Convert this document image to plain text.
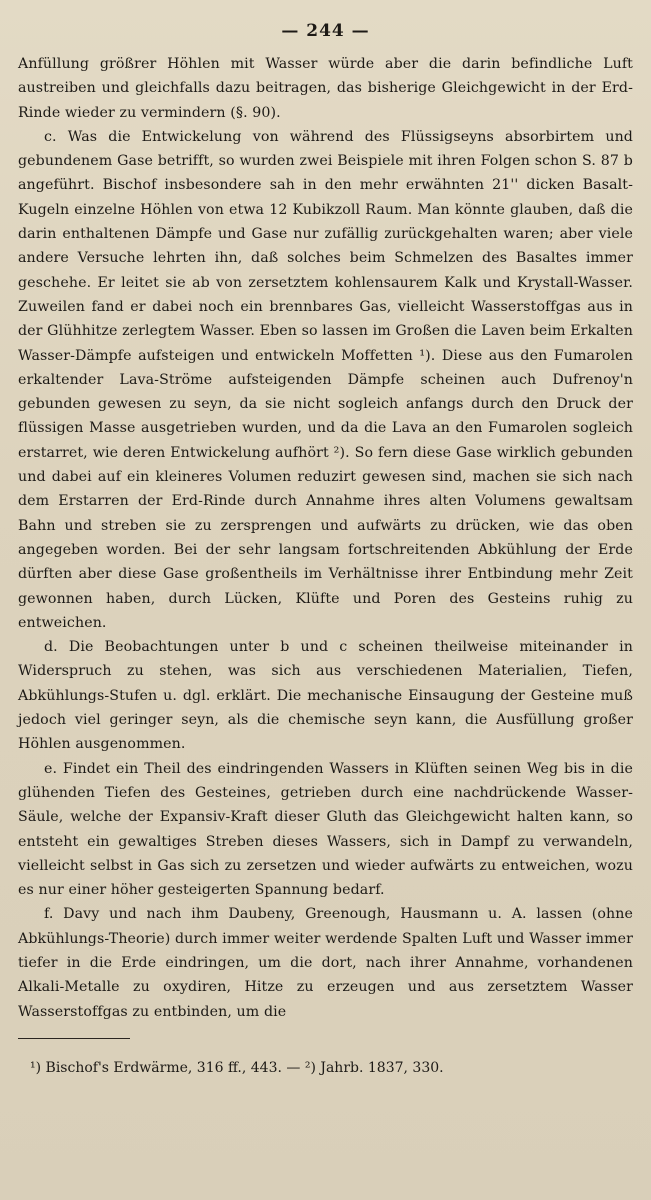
— 244 —

Anfüllung größrer Höhlen mit Wasser würde aber die darin befindliche Luft austreiben und gleichfalls dazu beitragen, das bisherige Gleichgewicht in der Erd-Rinde wieder zu vermindern (§. 90).

c. Was die Entwickelung von während des Flüssigseyns absorbirtem und gebundenem Gase betrifft, so wurden zwei Beispiele mit ihren Folgen schon S. 87 b angeführt. Bischof insbesondere sah in den mehr erwähnten 21'' dicken Basalt-Kugeln einzelne Höhlen von etwa 12 Kubikzoll Raum. Man könnte glauben, daß die darin enthaltenen Dämpfe und Gase nur zufällig zurückgehalten waren; aber viele andere Versuche lehrten ihn, daß solches beim Schmelzen des Basaltes immer geschehe. Er leitet sie ab von zersetztem kohlensaurem Kalk und Krystall-Wasser. Zuweilen fand er dabei noch ein brennbares Gas, vielleicht Wasserstoffgas aus in der Glühhitze zerlegtem Wasser. Eben so lassen im Großen die Laven beim Erkalten Wasser-Dämpfe aufsteigen und entwickeln Moffetten ¹). Diese aus den Fumarolen erkaltender Lava-Ströme aufsteigenden Dämpfe scheinen auch Dufrenoy'n gebunden gewesen zu seyn, da sie nicht sogleich anfangs durch den Druck der flüssigen Masse ausgetrieben wurden, und da die Lava an den Fumarolen sogleich erstarret, wie deren Entwickelung aufhört ²). So fern diese Gase wirklich gebunden und dabei auf ein kleineres Volumen reduzirt gewesen sind, machen sie sich nach dem Erstarren der Erd-Rinde durch Annahme ihres alten Volumens gewaltsam Bahn und streben sie zu zersprengen und aufwärts zu drücken, wie das oben angegeben worden. Bei der sehr langsam fortschreitenden Abkühlung der Erde dürften aber diese Gase großentheils im Verhältnisse ihrer Entbindung mehr Zeit gewonnen haben, durch Lücken, Klüfte und Poren des Gesteins ruhig zu entweichen.

d. Die Beobachtungen unter b und c scheinen theilweise miteinander in Widerspruch zu stehen, was sich aus verschiedenen Materialien, Tiefen, Abkühlungs-Stufen u. dgl. erklärt. Die mechanische Einsaugung der Gesteine muß jedoch viel geringer seyn, als die chemische seyn kann, die Ausfüllung großer Höhlen ausgenommen.

e. Findet ein Theil des eindringenden Wassers in Klüften seinen Weg bis in die glühenden Tiefen des Gesteines, getrieben durch eine nachdrückende Wasser-Säule, welche der Expansiv-Kraft dieser Gluth das Gleichgewicht halten kann, so entsteht ein gewaltiges Streben dieses Wassers, sich in Dampf zu verwandeln, vielleicht selbst in Gas sich zu zersetzen und wieder aufwärts zu entweichen, wozu es nur einer höher gesteigerten Spannung bedarf.

f. Davy und nach ihm Daubeny, Greenough, Hausmann u. A. lassen (ohne Abkühlungs-Theorie) durch immer weiter werdende Spalten Luft und Wasser immer tiefer in die Erde eindringen, um die dort, nach ihrer Annahme, vorhandenen Alkali-Metalle zu oxydiren, Hitze zu erzeugen und aus zersetztem Wasser Wasserstoffgas zu entbinden, um die

¹) Bischof's Erdwärme, 316 ff., 443. — ²) Jahrb. 1837, 330.
